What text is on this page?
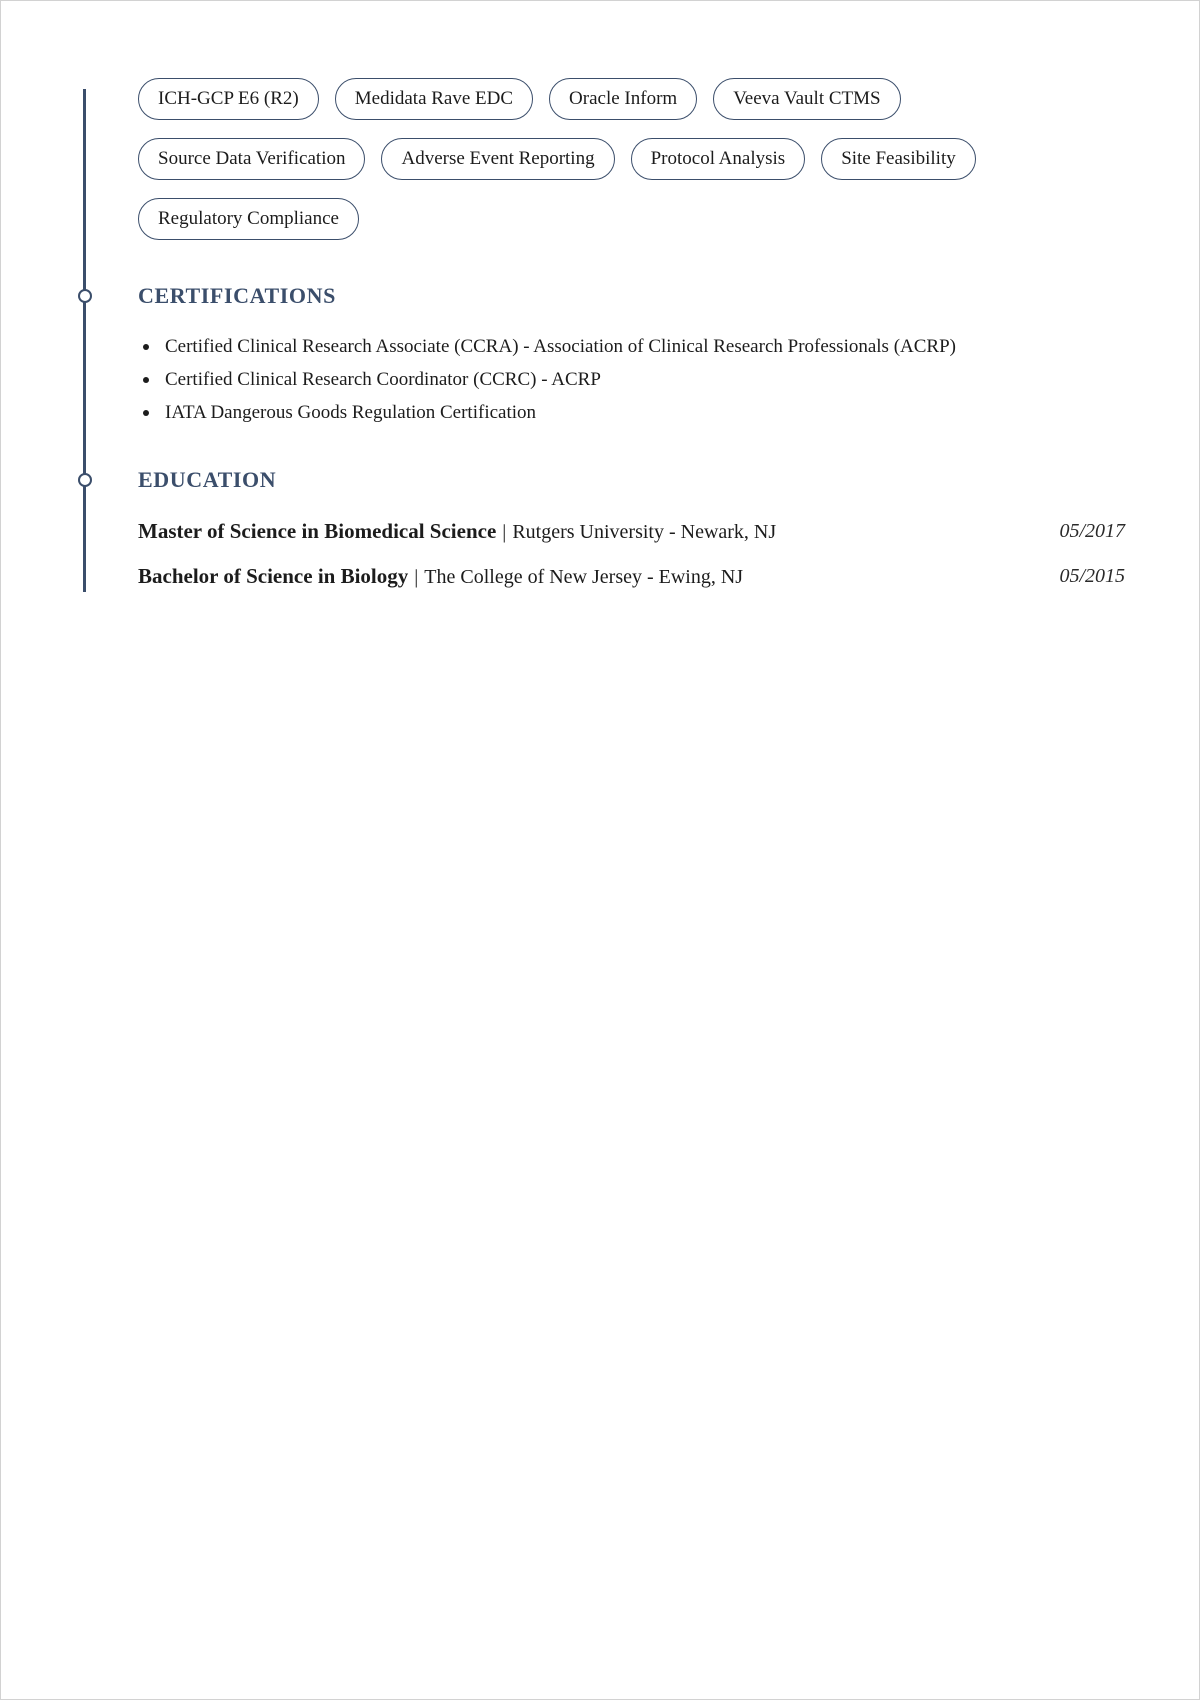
ICH-GCP E6 (R2)	Medidata Rave EDC	Oracle Inform	Veeva Vault CTMS
Source Data Verification	Adverse Event Reporting	Protocol Analysis	Site Feasibility
Regulatory Compliance
CERTIFICATIONS
Certified Clinical Research Associate (CCRA) - Association of Clinical Research Professionals (ACRP)
Certified Clinical Research Coordinator (CCRC) - ACRP
IATA Dangerous Goods Regulation Certification
EDUCATION
Master of Science in Biomedical Science | Rutgers University - Newark, NJ	05/2017
Bachelor of Science in Biology | The College of New Jersey - Ewing, NJ	05/2015
